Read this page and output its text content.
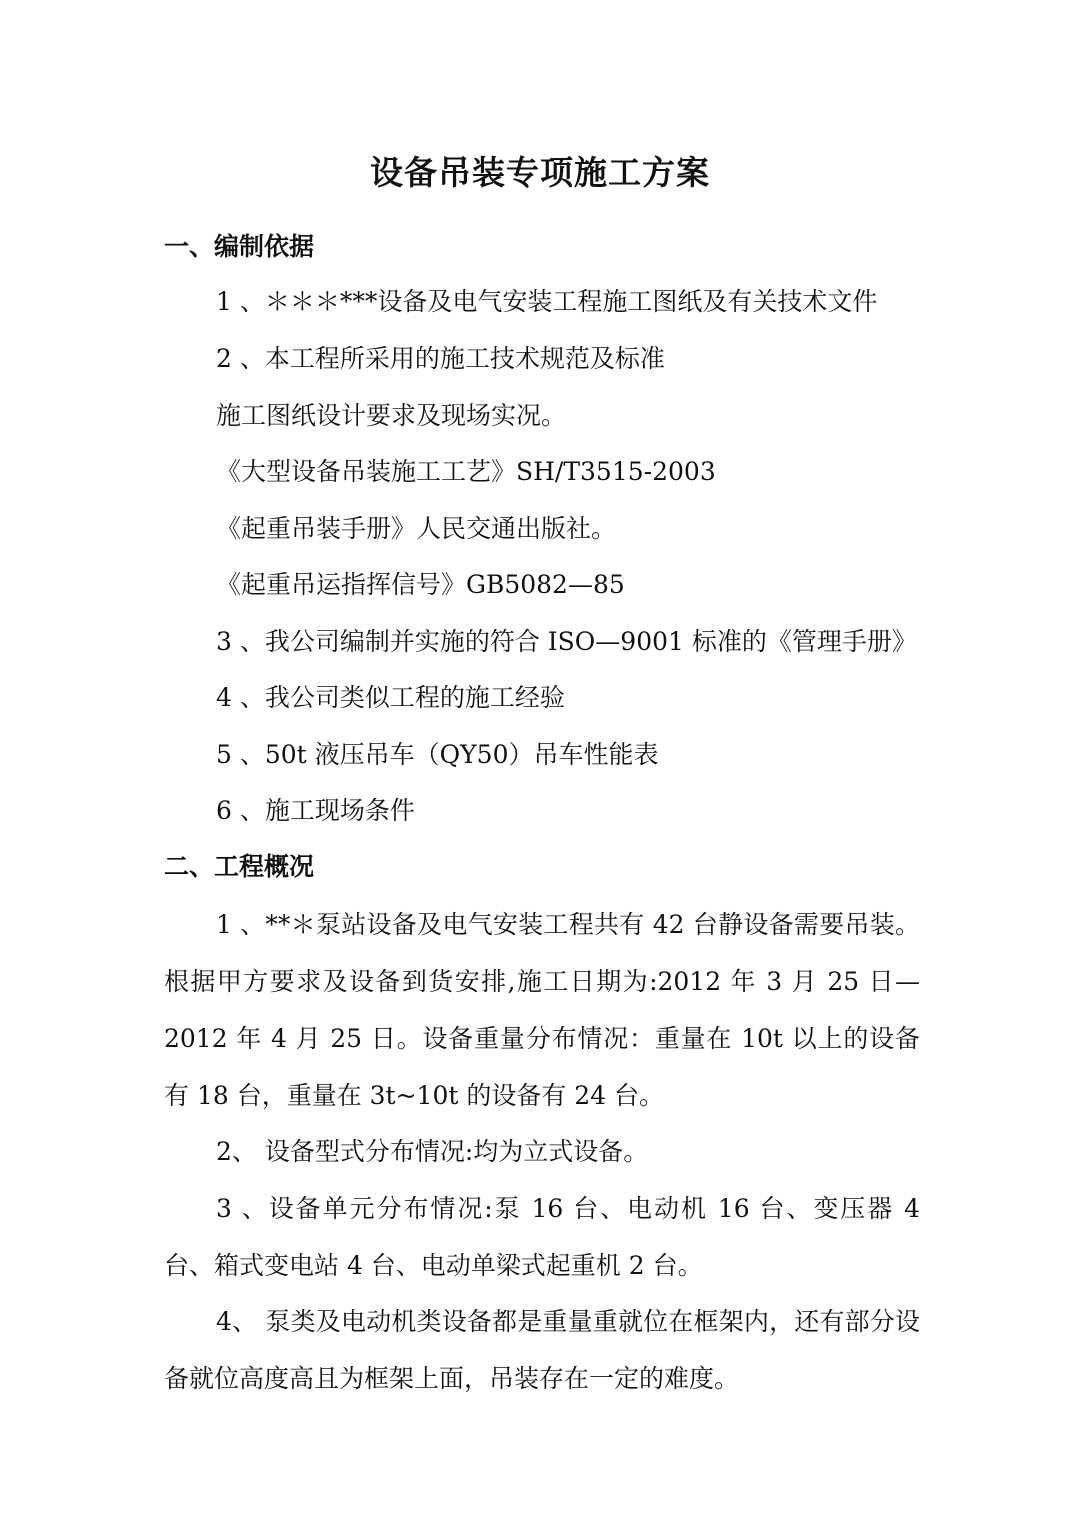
设备吊装专项施工方案
一、编制依据
1 、＊＊＊***设备及电气安装工程施工图纸及有关技术文件
2 、本工程所采用的施工技术规范及标准
施工图纸设计要求及现场实况。
《大型设备吊装施工工艺》SH/T3515-2003
《起重吊装手册》人民交通出版社。
《起重吊运指挥信号》GB5082—85
3 、我公司编制并实施的符合 ISO—9001 标准的《管理手册》
4 、我公司类似工程的施工经验
5 、50t 液压吊车（QY50）吊车性能表
6 、施工现场条件
二、工程概况
1 、**＊泵站设备及电气安装工程共有 42 台静设备需要吊装。根据甲方要求及设备到货安排,施工日期为:2012 年 3 月 25 日—2012 年 4 月 25 日。设备重量分布情况：重量在 10t 以上的设备有 18 台，重量在 3t~10t 的设备有 24 台。
2、 设备型式分布情况:均为立式设备。
3 、设备单元分布情况:泵 16 台、电动机 16 台、变压器 4 台、箱式变电站 4 台、电动单梁式起重机 2 台。
4、 泵类及电动机类设备都是重量重就位在框架内，还有部分设备就位高度高且为框架上面，吊装存在一定的难度。
